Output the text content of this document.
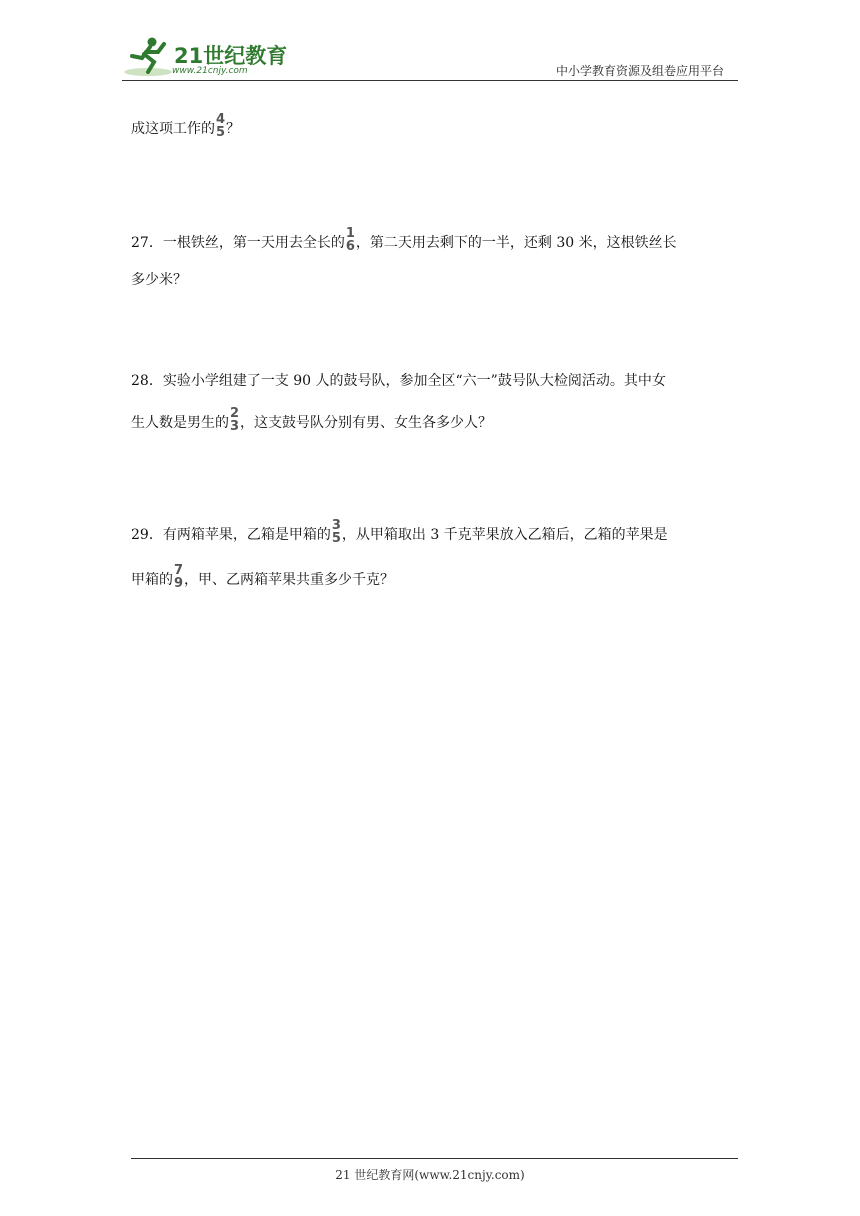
21世纪教育
www.21cnjy.com	中小学教育资源及组卷应用平台
成这项工作的
4
5 ？
27．一根铁丝，第一天用去全长的
1
6 ，第二天用去剩下的一半，还剩 30 米，这根铁丝长
多少米？
28．实验小学组建了一支 90 人的鼓号队，参加全区“六一”鼓号队大检阅活动。其中女
生人数是男生的
2
3 ，这支鼓号队分别有男、女生各多少人？
29．有两箱苹果，乙箱是甲箱的
3
5 ，从甲箱取出 3 千克苹果放入乙箱后，乙箱的苹果是
甲箱的
7
9 ，甲、乙两箱苹果共重多少千克？
21 世纪教育网(www.21cnjy.com)
